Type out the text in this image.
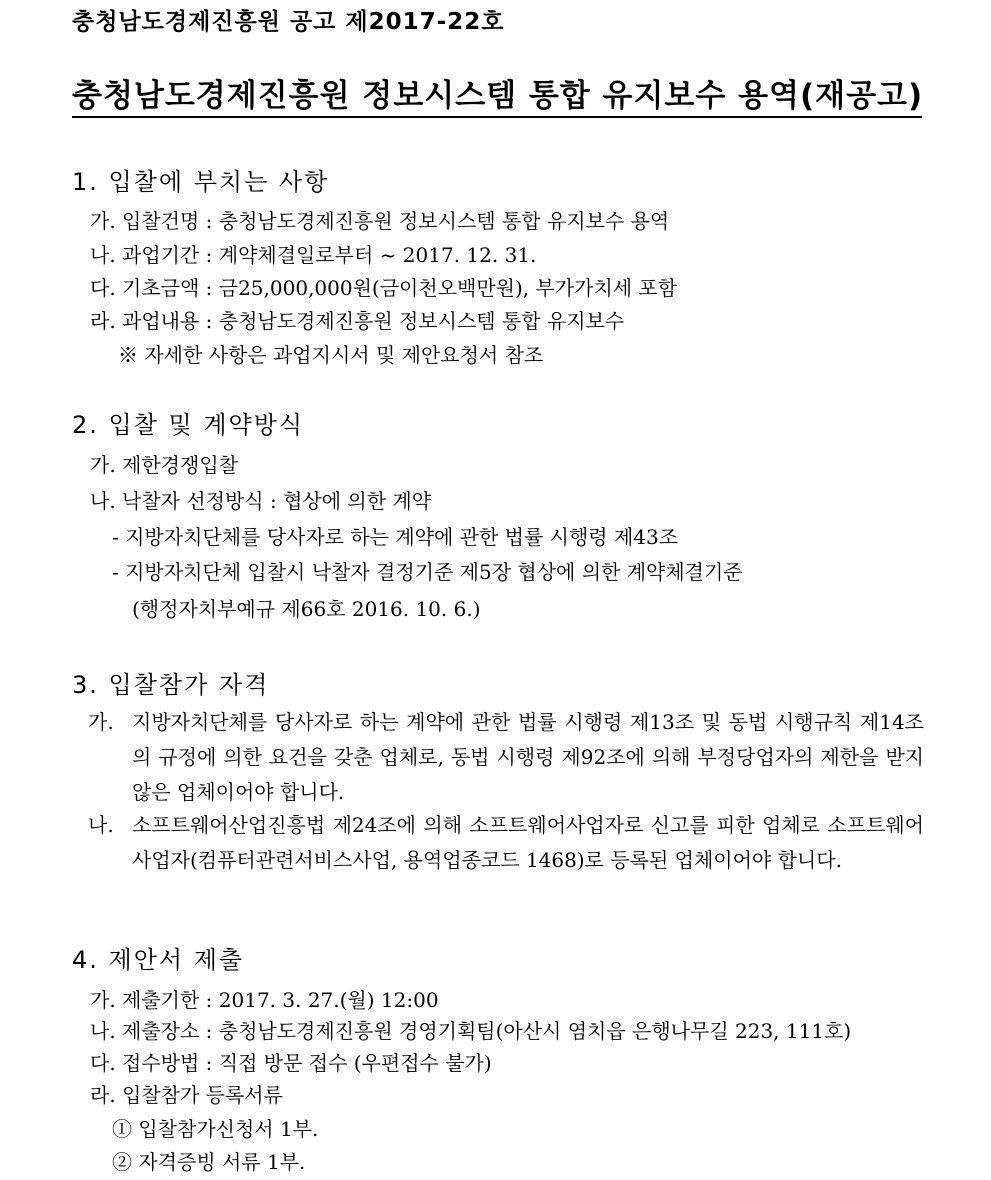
충청남도경제진흥원 공고 제2017-22호
충청남도경제진흥원 정보시스템 통합 유지보수 용역(재공고)
1. 입찰에 부치는 사항
가. 입찰건명 : 충청남도경제진흥원 정보시스템 통합 유지보수 용역
나. 과업기간 : 계약체결일로부터 ~ 2017. 12. 31.
다. 기초금액 : 금25,000,000원(금이천오백만원), 부가가치세 포함
라. 과업내용 : 충청남도경제진흥원 정보시스템 통합 유지보수
※ 자세한 사항은 과업지시서 및 제안요청서 참조
2. 입찰 및 계약방식
가. 제한경쟁입찰
나. 낙찰자 선정방식 : 협상에 의한 계약
- 지방자치단체를 당사자로 하는 계약에 관한 법률 시행령 제43조
- 지방자치단체 입찰시 낙찰자 결정기준 제5장 협상에 의한 계약체결기준
(행정자치부예규 제66호 2016. 10. 6.)
3. 입찰참가 자격
가. 지방자치단체를 당사자로 하는 계약에 관한 법률 시행령 제13조 및 동법 시행규칙 제14조의 규정에 의한 요건을 갖춘 업체로, 동법 시행령 제92조에 의해 부정당업자의 제한을 받지 않은 업체이어야 합니다.
나. 소프트웨어산업진흥법 제24조에 의해 소프트웨어사업자로 신고를 피한 업체로 소프트웨어사업자(컴퓨터관련서비스사업, 용역업종코드 1468)로 등록된 업체이어야 합니다.
4. 제안서 제출
가. 제출기한 : 2017. 3. 27.(월) 12:00
나. 제출장소 : 충청남도경제진흥원 경영기획팀(아산시 염치읍 은행나무길 223, 111호)
다. 접수방법 : 직접 방문 접수 (우편접수 불가)
라. 입찰참가 등록서류
① 입찰참가신청서 1부.
② 자격증빙 서류 1부.
